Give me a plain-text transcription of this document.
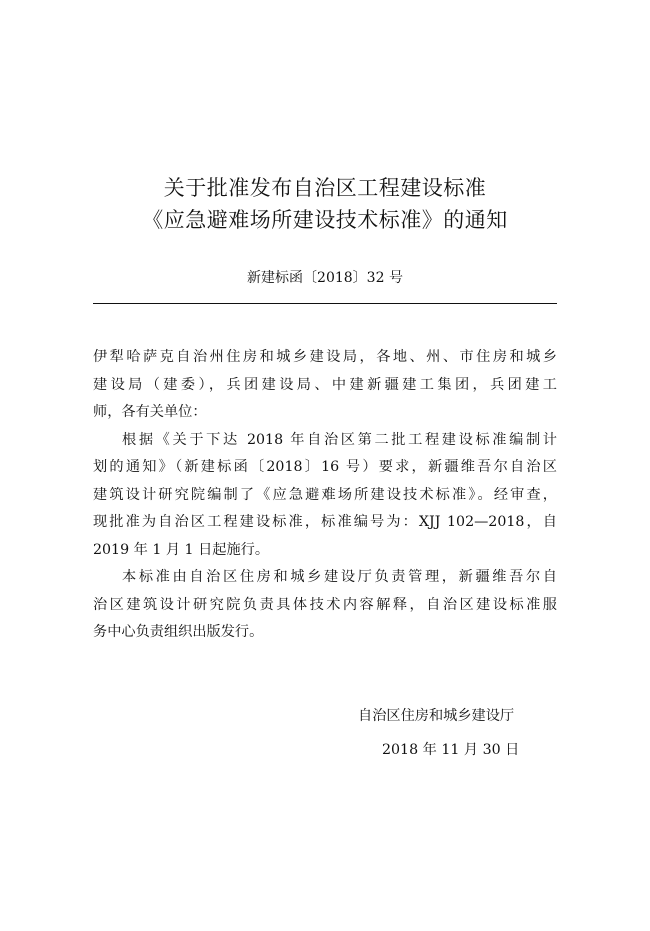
关于批准发布自治区工程建设标准
《应急避难场所建设技术标准》的通知
新建标函〔2018〕32 号
伊犁哈萨克自治州住房和城乡建设局，各地、州、市住房和城乡
建设局（建委），兵团建设局、中建新疆建工集团，兵团建工
师，各有关单位：
根据《关于下达 2018 年自治区第二批工程建设标准编制计
划的通知》（新建标函〔2018〕16 号）要求，新疆维吾尔自治区
建筑设计研究院编制了《应急避难场所建设技术标准》。经审查，
现批准为自治区工程建设标准，标准编号为：XJJ 102—2018，自
2019 年 1 月 1 日起施行。
本标准由自治区住房和城乡建设厅负责管理，新疆维吾尔自
治区建筑设计研究院负责具体技术内容解释，自治区建设标准服
务中心负责组织出版发行。
自治区住房和城乡建设厅
2018 年 11 月 30 日
